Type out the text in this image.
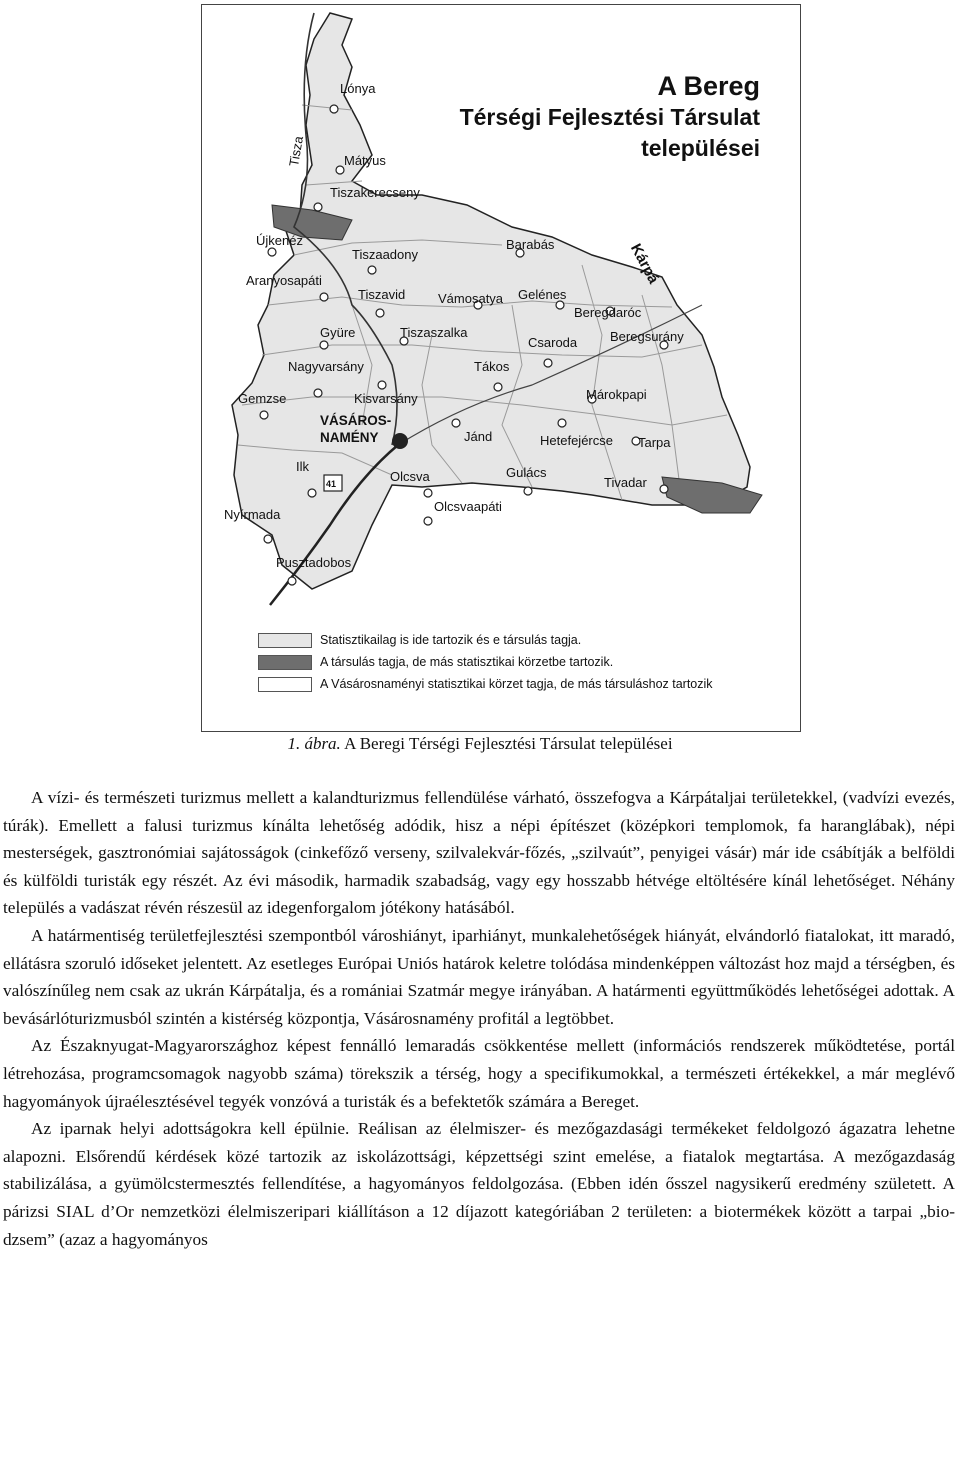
A Bereg
Térségi Fejlesztési Társulat
települései
Tisza
Kárpá
41
Lónya
Mátyus
Tiszakerecseny
Újkenéz
Tiszaadony
Barabás
Aranyosapáti
Tiszavid	Vámosatya Gelénes
Beregdaróc
Gyüre	Tiszaszalka
Csaroda	Beregsurány
Nagyvarsány	Tákos
Gemzse	Kisvarsány	Márokpapi
VÁSÁROS-
NAMÉNY	Jánd	Hetefejércse Tarpa
Ilk
Olcsva	Gulács
Tivadar
Nyírmada
Olcsvaapáti
Pusztadobos
Statisztikailag is ide tartozik és e társulás tagja.
A társulás tagja, de más statisztikai körzetbe tartozik.
A Vásárosnaményi statisztikai körzet tagja, de más társuláshoz tartozik
1. ábra. A Beregi Térségi Fejlesztési Társulat települései

A vízi- és természeti turizmus mellett a kalandturizmus fellendülése várható, összefogva a Kárpátaljai területekkel, (vadvízi evezés, túrák). Emellett a falusi turizmus kínálta lehetőség adódik, hisz a népi építészet (középkori templomok, fa haranglábak), népi mesterségek, gasztronómiai sajátosságok (cinkefőző verseny, szilvalekvár-főzés, „szilvaút”, penyigei vásár) már ide csábítják a belföldi és külföldi turisták egy részét. Az évi második, harmadik szabadság, vagy egy hosszabb hétvége eltöltésére kínál lehetőséget. Néhány település a vadászat révén részesül az idegenforgalom jótékony hatásából.

A határmentiség területfejlesztési szempontból városhiányt, iparhiányt, munkalehetőségek hiányát, elvándorló fiatalokat, itt maradó, ellátásra szoruló időseket jelentett. Az esetleges Európai Uniós határok keletre tolódása mindenképpen változást hoz majd a térségben, és valószínűleg nem csak az ukrán Kárpátalja, és a romániai Szatmár megye irányában. A határmenti együttműködés lehetőségei adottak. A bevásárlóturizmusból szintén a kistérség központja, Vásárosnamény profitál a legtöbbet.

Az Északnyugat-Magyarországhoz képest fennálló lemaradás csökkentése mellett (információs rendszerek működtetése, portál létrehozása, programcsomagok nagyobb száma) törekszik a térség, hogy a specifikumokkal, a természeti értékekkel, a már meglévő hagyományok újraélesztésével tegyék vonzóvá a turisták és a befektetők számára a Bereget.

Az iparnak helyi adottságokra kell épülnie. Reálisan az élelmiszer- és mezőgazdasági termékeket feldolgozó ágazatra lehetne alapozni. Elsőrendű kérdések közé tartozik az iskolázottsági, képzettségi szint emelése, a fiatalok megtartása. A mezőgazdaság stabilizálása, a gyümölcstermesztés fellendítése, a hagyományos feldolgozása. (Ebben idén ősszel nagysikerű eredmény született. A párizsi SIAL d’Or nemzetközi élelmiszeripari kiállításon a 12 díjazott kategóriában 2 területen: a biotermékek között a tarpai „bio-dzsem” (azaz a hagyományos
